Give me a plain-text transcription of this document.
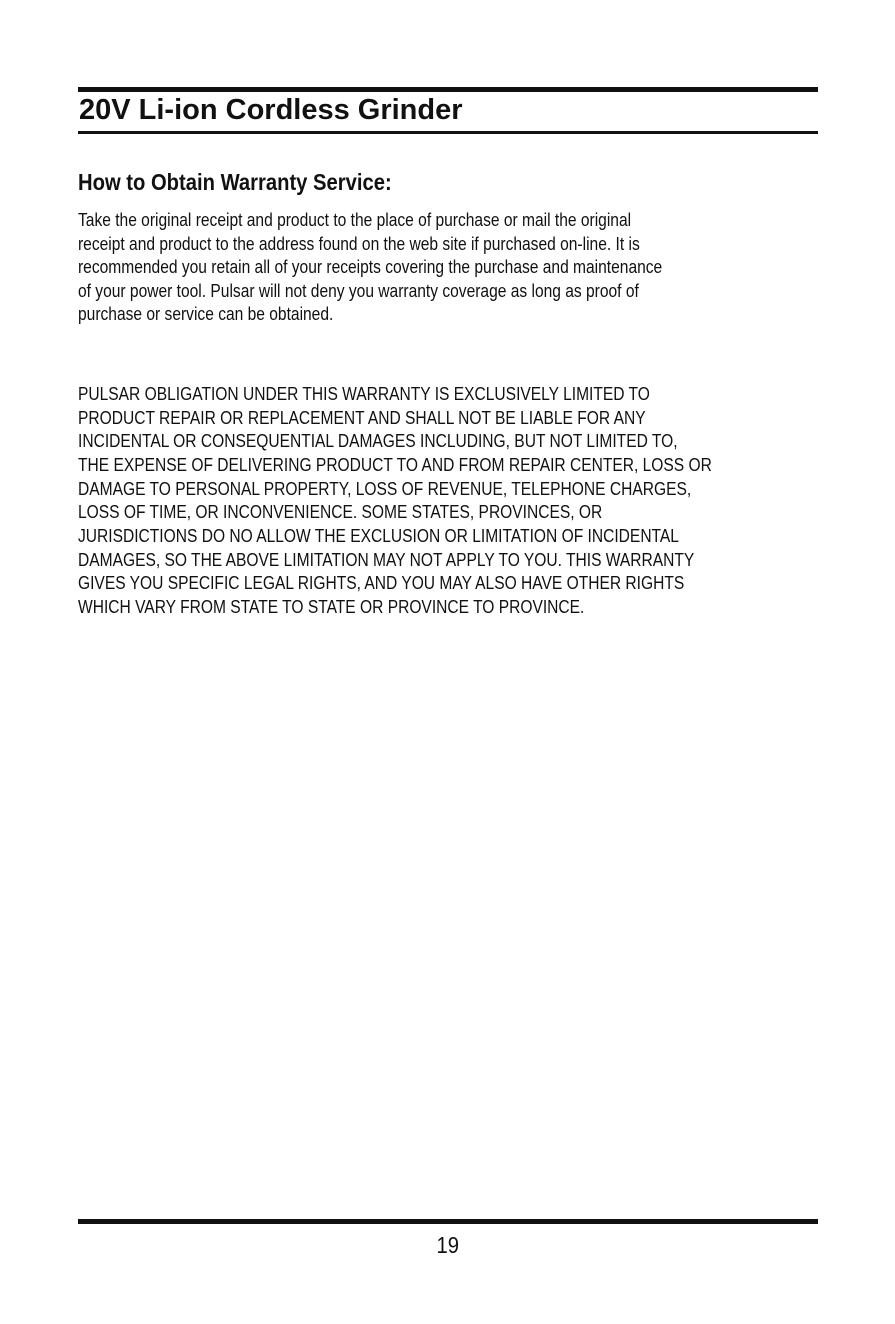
20V Li-ion Cordless Grinder
How to Obtain Warranty Service:

Take the original receipt and product to the place of purchase or mail the original
receipt and product to the address found on the web site if purchased on-line. It is
recommended you retain all of your receipts covering the purchase and maintenance
of your power tool. Pulsar will not deny you warranty coverage as long as proof of
purchase or service can be obtained.

PULSAR OBLIGATION UNDER THIS WARRANTY IS EXCLUSIVELY LIMITED TO
PRODUCT REPAIR OR REPLACEMENT AND SHALL NOT BE LIABLE FOR ANY
INCIDENTAL OR CONSEQUENTIAL DAMAGES INCLUDING, BUT NOT LIMITED TO,
THE EXPENSE OF DELIVERING PRODUCT TO AND FROM REPAIR CENTER, LOSS OR
DAMAGE TO PERSONAL PROPERTY, LOSS OF REVENUE, TELEPHONE CHARGES,
LOSS OF TIME, OR INCONVENIENCE. SOME STATES, PROVINCES, OR
JURISDICTIONS DO NO ALLOW THE EXCLUSION OR LIMITATION OF INCIDENTAL
DAMAGES, SO THE ABOVE LIMITATION MAY NOT APPLY TO YOU. THIS WARRANTY
GIVES YOU SPECIFIC LEGAL RIGHTS, AND YOU MAY ALSO HAVE OTHER RIGHTS
WHICH VARY FROM STATE TO STATE OR PROVINCE TO PROVINCE.

19
